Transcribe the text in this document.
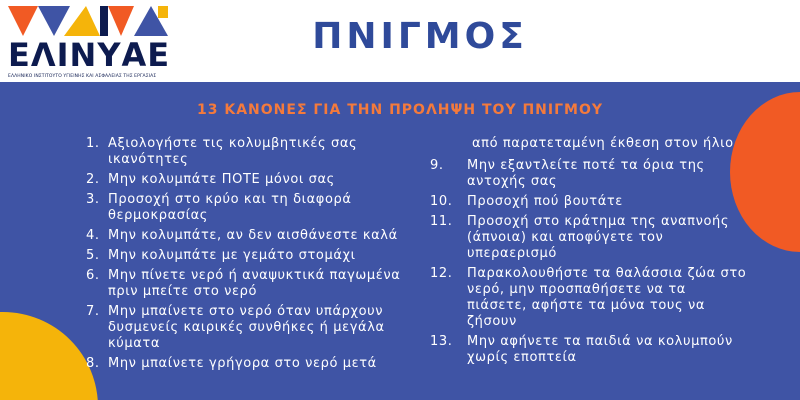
ΕΛΙΝΥΑΕ
ΕΛΛΗΝΙΚΟ ΙΝΣΤΙΤΟΥΤΟ ΥΓΙΕΙΝΗΣ ΚΑΙ ΑΣΦΑΛΕΙΑΣ ΤΗΣ ΕΡΓΑΣΙΑΣ
ΠΝΙΓΜΟΣ
13 ΚΑΝΟΝΕΣ ΓΙΑ ΤΗΝ ΠΡΟΛΗΨΗ ΤΟΥ ΠΝΙΓΜΟΥ
1. Αξιολογήστε τις κολυμβητικές σας ικανότητες
2. Μην κολυμπάτε ΠΟΤΕ μόνοι σας
3. Προσοχή στο κρύο και τη διαφορά θερμοκρασίας
4. Μην κολυμπάτε, αν δεν αισθάνεστε καλά
5. Μην κολυμπάτε με γεμάτο στομάχι
6. Μην πίνετε νερό ή αναψυκτικά παγωμένα πριν μπείτε στο νερό
7. Μην μπαίνετε στο νερό όταν υπάρχουν δυσμενείς καιρικές συνθήκες ή μεγάλα κύματα
8. Μην μπαίνετε γρήγορα στο νερό μετά
από παρατεταμένη έκθεση στον ήλιο
9.	Μην εξαντλείτε ποτέ τα όρια της αντοχής σας
10.	Προσοχή πού βουτάτε
11.	Προσοχή στο κράτημα της αναπνοής (άπνοια) και αποφύγετε τον υπεραερισμό
12.	Παρακολουθήστε τα θαλάσσια ζώα στο νερό, μην προσπαθήσετε να τα πιάσετε, αφήστε τα μόνα τους να ζήσουν
13.	Μην αφήνετε τα παιδιά να κολυμπούν χωρίς εποπτεία
